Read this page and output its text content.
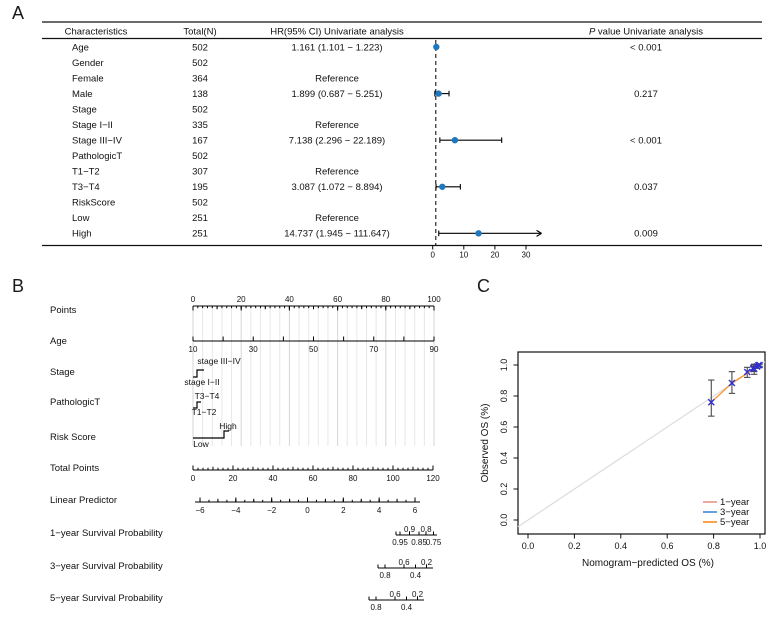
A
B	C
Characteristics	Total(N)	HR(95% CI) Univariate analysis	P value Univariate analysis
0	10	20	30
Age	502	1.161 (1.101 − 1.223)	< 0.001
Gender	502
Female	364	Reference
Male	138	1.899 (0.687 − 5.251)	0.217
Stage	502
Stage I−II	335	Reference
Stage III−IV	167	7.138 (2.296 − 22.189)	< 0.001
PathologicT	502
T1−T2	307	Reference
T3−T4	195	3.087 (1.072 − 8.894)	0.037
RiskScore	502
Low	251	Reference
High	251	14.737 (1.945 − 111.647)	0.009
Points
0	20	40	60	80	100
Age
10	30	50	70	90
Stage
stage I−II
stage III−IV
PathologicT
T1−T2
T3−T4
Risk Score
Low
High
Total Points
0	20	40	60	80	100	120
Linear Predictor
−6	−4	−2	0	2	4	6
1−year Survival Probability
0.95
0.9
0.85
0.8
0.75
3−year Survival Probability
0.8
0.6
0.4
0.2
5−year Survival Probability
0.8
0.6
0.4
0.2
Nomogram−predicted OS (%)
Observed OS (%)
0.0	0.2	0.4	0.6	0.8	1.0
0.0
0.2
0.4
0.6
0.8
1.0
1−year
3−year
5−year
